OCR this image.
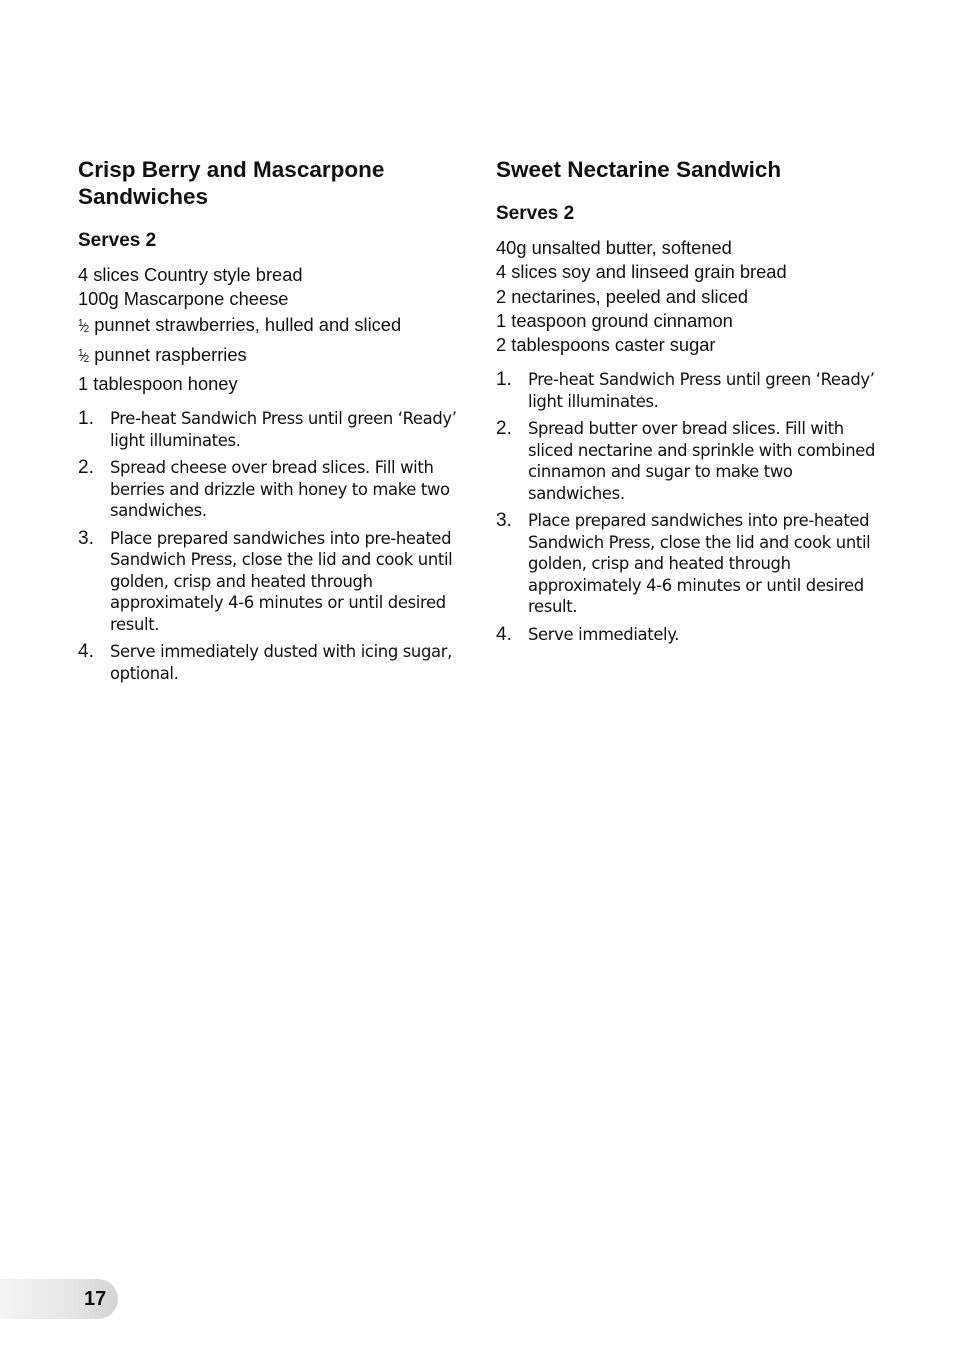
Crisp Berry and Mascarpone
Sandwiches
Serves 2
4 slices Country style bread
100g Mascarpone cheese
$^1⁄_2$ punnet strawberries, hulled and sliced
$^1⁄_2$ punnet raspberries
1 tablespoon honey
1. Pre-heat Sandwich Press until green ‘Ready’ light illuminates.
2. Spread cheese over bread slices. Fill with berries and drizzle with honey to make two sandwiches.
3. Place prepared sandwiches into pre-heated Sandwich Press, close the lid and cook until golden, crisp and heated through approximately 4-6 minutes or until desired result.
4. Serve immediately dusted with icing sugar, optional.
Sweet Nectarine Sandwich
Serves 2
40g unsalted butter, softened
4 slices soy and linseed grain bread
2 nectarines, peeled and sliced
1 teaspoon ground cinnamon
2 tablespoons caster sugar
1. Pre-heat Sandwich Press until green ‘Ready’ light illuminates.
2. Spread butter over bread slices. Fill with sliced nectarine and sprinkle with combined cinnamon and sugar to make two sandwiches.
3. Place prepared sandwiches into pre-heated Sandwich Press, close the lid and cook until golden, crisp and heated through approximately 4-6 minutes or until desired result.
4. Serve immediately.
17
